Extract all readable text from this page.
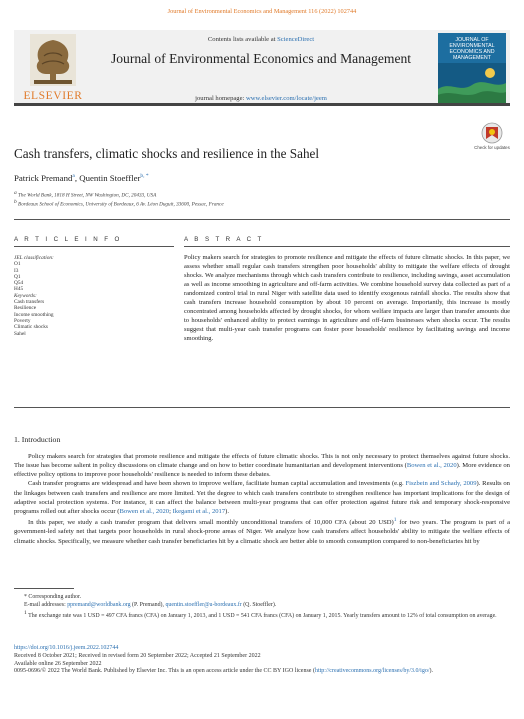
Journal of Environmental Economics and Management 116 (2022) 102744
ELSEVIER
Contents lists available at ScienceDirect
Journal of Environmental Economics and Management
journal homepage: www.elsevier.com/locate/jeem
JOURNAL OF ENVIRONMENTAL ECONOMICS AND MANAGEMENT
Cash transfers, climatic shocks and resilience in the Sahel	Check for updates
Patrick Premand$^a$, Quentin Stoeffler$^{b, *}$
$^a$ The World Bank, 1818 H Street, NW Washington, DC, 20433, USA
$^b$ Bordeaux School of Economics, University of Bordeaux, 6 Av. Léon Duguit, 33600, Pessac, France
A R T I C L E I N F O
JEL classification:
O1
I3
Q1
Q54
H45
Keywords:
Cash transfers
Resilience
Income smoothing
Poverty
Climatic shocks
Sahel
A B S T R A C T
Policy makers search for strategies to promote resilience and mitigate the effects of future climatic shocks. In this paper, we assess whether small regular cash transfers strengthen poor households' ability to mitigate the welfare effects of drought shocks. We analyze mechanisms through which cash transfers contribute to resilience, including savings, asset accumulation as well as income smoothing in agriculture and off-farm activities. We combine household survey data collected as part of a randomized control trial in rural Niger with satellite data used to identify exogenous rainfall shocks. The results show that cash transfers increase household consumption by about 10 percent on average. Importantly, this increase is mostly concentrated among households affected by drought shocks, for whom welfare impacts are larger than transfer amounts due to households' enhanced ability to protect earnings in agriculture and off-farm businesses when shocks occur. The results suggest that multi-year cash transfer programs can foster poor households' resilience by facilitating savings and income smoothing.
1. Introduction

Policy makers search for strategies that promote resilience and mitigate the effects of future climatic shocks. This is not only necessary to protect themselves against future shocks. The issue has become salient in policy discussions on climate change and on how to better coordinate humanitarian and development interventions (Bowen et al., 2020). More evidence on effective policy options to improve poor households' resilience is needed to inform these debates.

Cash transfer programs are widespread and have been shown to improve welfare, facilitate human capital accumulation and investments (e.g. Fiszbein and Schady, 2009). Results on the linkages between cash transfers and resilience are more limited. Yet the degree to which cash transfers contribute to strengthen resilience has important implications for the design of adaptive social protection systems. For instance, it can affect the balance between multi-year programs that can offer protection against future risk and temporary shock-responsive programs rolled out after shocks occur (Bowen et al., 2020; Ikegami et al., 2017).

In this paper, we study a cash transfer program that delivers small monthly unconditional transfers of 10,000 CFA (about 20 USD)$^1$ for two years. The program is part of a government-led safety net that targets poor households in rural shock-prone areas of Niger. We analyze how cash transfers affect households' ability to mitigate the welfare effects of climatic shocks. Specifically, we measure whether cash transfer beneficiaries hit by a climatic shock are better able to smooth consumption compared to non-beneficiaries hit by

* Corresponding author.
E-mail addresses: ppremand@worldbank.org (P. Premand), quentin.stoeffler@u-bordeaux.fr (Q. Stoeffler).
$^1$ The exchange rate was 1 USD = 497 CFA francs (CFA) on January 1, 2013, and 1 USD = 541 CFA francs (CFA) on January 1, 2015. Yearly transfers amount to 12% of total consumption on average.
https://doi.org/10.1016/j.jeem.2022.102744
Received 8 October 2021; Received in revised form 20 September 2022; Accepted 21 September 2022
Available online 26 September 2022
0095-0696/© 2022 The World Bank. Published by Elsevier Inc. This is an open access article under the CC BY IGO license (http://creativecommons.org/licenses/by/3.0/igo/).
